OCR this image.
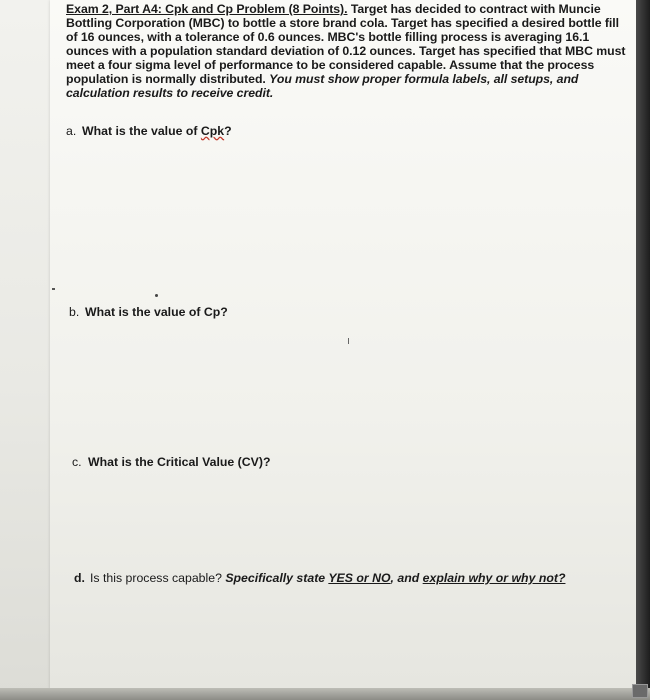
Exam 2, Part A4: Cpk and Cp Problem (8 Points). Target has decided to contract with Muncie Bottling Corporation (MBC) to bottle a store brand cola. Target has specified a desired bottle fill of 16 ounces, with a tolerance of 0.6 ounces. MBC's bottle filling process is averaging 16.1 ounces with a population standard deviation of 0.12 ounces. Target has specified that MBC must meet a four sigma level of performance to be considered capable. Assume that the process population is normally distributed. You must show proper formula labels, all setups, and calculation results to receive credit.

a. What is the value of Cpk?
b. What is the value of Cp?
c. What is the Critical Value (CV)?
d. Is this process capable? Specifically state YES or NO, and explain why or why not?
